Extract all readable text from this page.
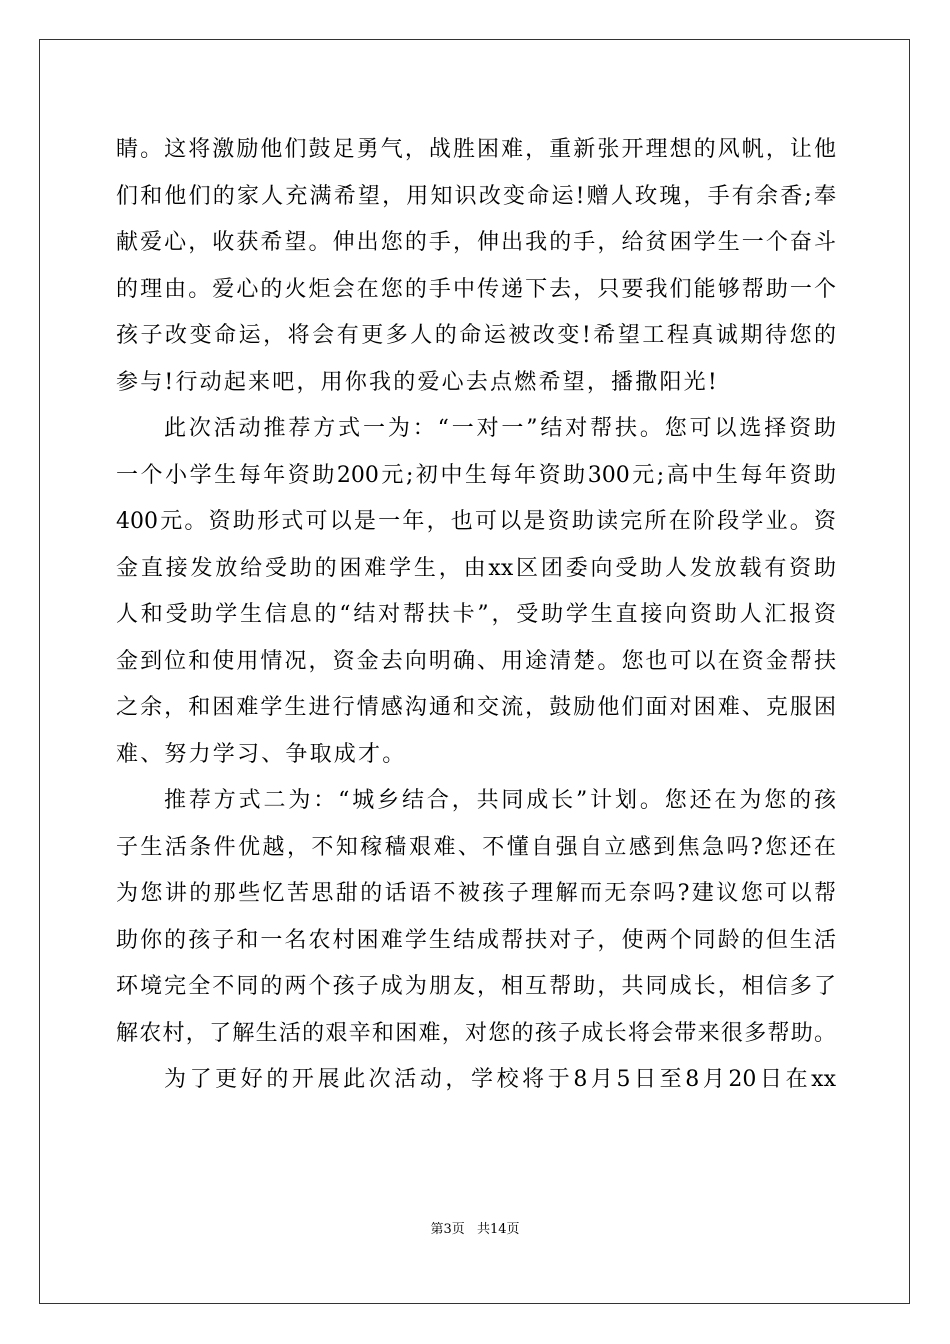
睛。这将激励他们鼓足勇气，战胜困难，重新张开理想的风帆，让他
们和他们的家人充满希望，用知识改变命运!赠人玫瑰，手有余香;奉
献爱心，收获希望。伸出您的手，伸出我的手，给贫困学生一个奋斗
的理由。爱心的火炬会在您的手中传递下去，只要我们能够帮助一个
孩子改变命运，将会有更多人的命运被改变!希望工程真诚期待您的
参与!行动起来吧，用你我的爱心去点燃希望，播撒阳光!
此次活动推荐方式一为：“一对一”结对帮扶。您可以选择资助
一个小学生每年资助200元;初中生每年资助300元;高中生每年资助
400元。资助形式可以是一年，也可以是资助读完所在阶段学业。资
金直接发放给受助的困难学生，由xx区团委向受助人发放载有资助
人和受助学生信息的“结对帮扶卡”，受助学生直接向资助人汇报资
金到位和使用情况，资金去向明确、用途清楚。您也可以在资金帮扶
之余，和困难学生进行情感沟通和交流，鼓励他们面对困难、克服困
难、努力学习、争取成才。
推荐方式二为：“城乡结合，共同成长”计划。您还在为您的孩
子生活条件优越，不知稼穑艰难、不懂自强自立感到焦急吗?您还在
为您讲的那些忆苦思甜的话语不被孩子理解而无奈吗?建议您可以帮
助你的孩子和一名农村困难学生结成帮扶对子，使两个同龄的但生活
环境完全不同的两个孩子成为朋友，相互帮助，共同成长，相信多了
解农村，了解生活的艰辛和困难，对您的孩子成长将会带来很多帮助。
为了更好的开展此次活动，学校将于8月5日至8月20日在xx
第3页 共14页
